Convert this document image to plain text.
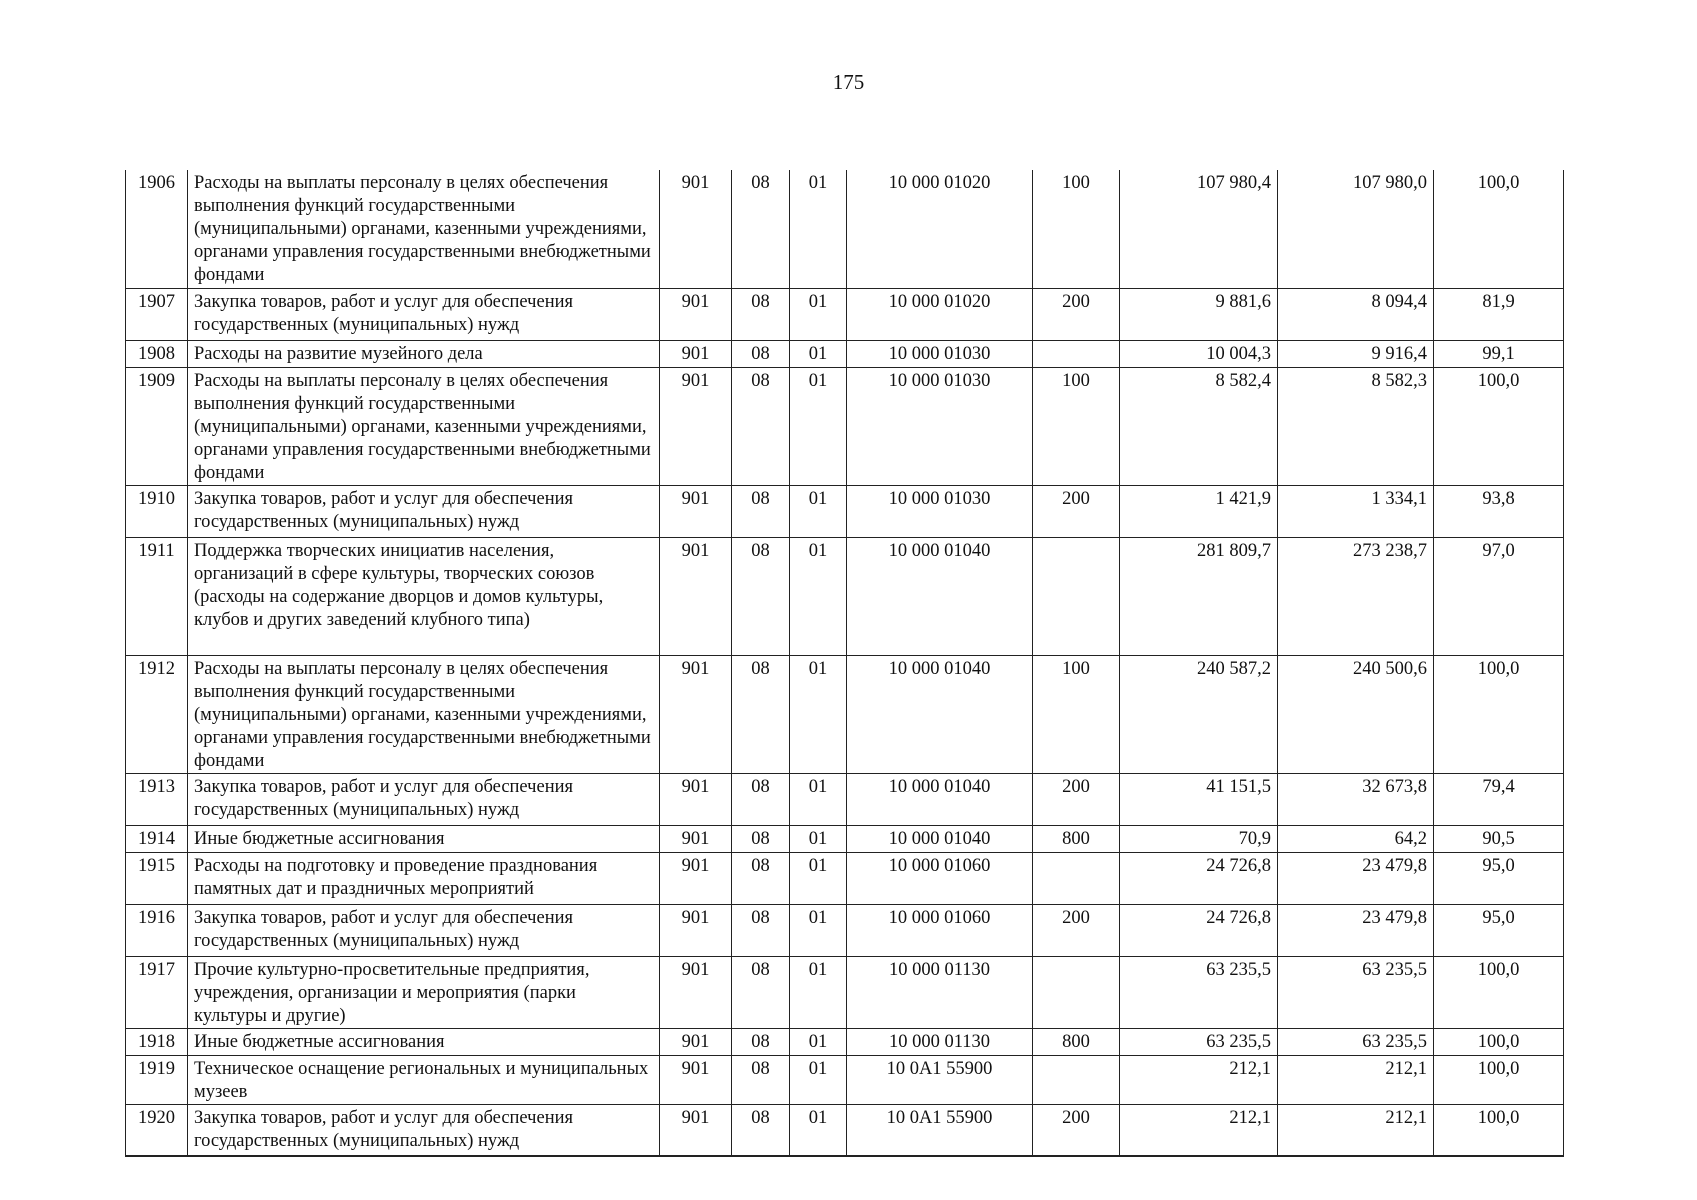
175
1906	Расходы на выплаты персоналу в целях обеспечения выполнения функций государственными (муниципальными) органами, казенными учреждениями, органами управления государственными внебюджетными фондами	901	08	01	10 000 01020	100	107 980,4	107 980,0	100,0
1907	Закупка товаров, работ и услуг для обеспечения государственных (муниципальных) нужд	901	08	01	10 000 01020	200	9 881,6	8 094,4	81,9
1908	Расходы на развитие музейного дела	901	08	01	10 000 01030		10 004,3	9 916,4	99,1
1909	Расходы на выплаты персоналу в целях обеспечения выполнения функций государственными (муниципальными) органами, казенными учреждениями, органами управления государственными внебюджетными фондами	901	08	01	10 000 01030	100	8 582,4	8 582,3	100,0
1910	Закупка товаров, работ и услуг для обеспечения государственных (муниципальных) нужд	901	08	01	10 000 01030	200	1 421,9	1 334,1	93,8
1911	Поддержка творческих инициатив населения, организаций в сфере культуры, творческих союзов (расходы на содержание дворцов и домов культуры, клубов и других заведений клубного типа)	901	08	01	10 000 01040		281 809,7	273 238,7	97,0
1912	Расходы на выплаты персоналу в целях обеспечения выполнения функций государственными (муниципальными) органами, казенными учреждениями, органами управления государственными внебюджетными фондами	901	08	01	10 000 01040	100	240 587,2	240 500,6	100,0
1913	Закупка товаров, работ и услуг для обеспечения государственных (муниципальных) нужд	901	08	01	10 000 01040	200	41 151,5	32 673,8	79,4
1914	Иные бюджетные ассигнования	901	08	01	10 000 01040	800	70,9	64,2	90,5
1915	Расходы на подготовку и проведение празднования памятных дат и праздничных мероприятий	901	08	01	10 000 01060		24 726,8	23 479,8	95,0
1916	Закупка товаров, работ и услуг для обеспечения государственных (муниципальных) нужд	901	08	01	10 000 01060	200	24 726,8	23 479,8	95,0
1917	Прочие культурно-просветительные предприятия, учреждения, организации и мероприятия (парки культуры и другие)	901	08	01	10 000 01130		63 235,5	63 235,5	100,0
1918	Иные бюджетные ассигнования	901	08	01	10 000 01130	800	63 235,5	63 235,5	100,0
1919	Техническое оснащение региональных и муниципальных музеев	901	08	01	10 0A1 55900		212,1	212,1	100,0
1920	Закупка товаров, работ и услуг для обеспечения государственных (муниципальных) нужд	901	08	01	10 0A1 55900	200	212,1	212,1	100,0
